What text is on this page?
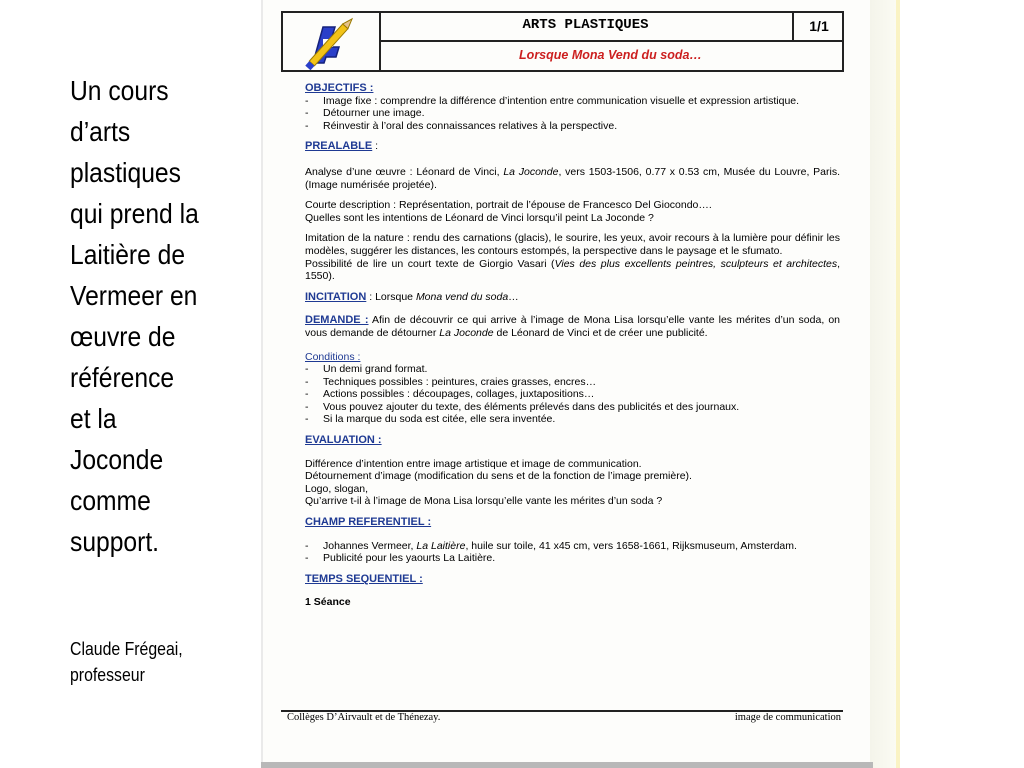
Un cours
d’arts
plastiques
qui prend la
Laitière de
Vermeer en
œuvre de
référence
et la
Joconde
comme
support.
Claude Frégeai,
professeur
ARTS PLASTIQUES	1/1
Lorsque Mona Vend du soda…

OBJECTIFS :

- Image fixe : comprendre la différence d’intention entre communication visuelle et expression artistique.
- Détourner une image.
- Réinvestir à l’oral des connaissances relatives à la perspective.

PREALABLE :

Analyse d’une œuvre : Léonard de Vinci, La Joconde, vers 1503-1506, 0.77 x 0.53 cm, Musée du Louvre, Paris. (Image numérisée projetée).

Courte description : Représentation, portrait de l’épouse de Francesco Del Giocondo….

Quelles sont les intentions de Léonard de Vinci lorsqu’il peint La Joconde ?

Imitation de la nature : rendu des carnations (glacis), le sourire, les yeux, avoir recours à la lumière pour définir les modèles, suggérer les distances, les contours estompés, la perspective dans le paysage et le sfumato.

Possibilité de lire un court texte de Giorgio Vasari (Vies des plus excellents peintres, sculpteurs et architectes, 1550).

INCITATION : Lorsque Mona vend du soda…

DEMANDE : Afin de découvrir ce qui arrive à l’image de Mona Lisa lorsqu’elle vante les mérites d’un soda, on vous demande de détourner La Joconde de Léonard de Vinci et de créer une publicité.

Conditions :

- Un demi grand format.
- Techniques possibles : peintures, craies grasses, encres…
- Actions possibles : découpages, collages, juxtapositions…
- Vous pouvez ajouter du texte, des éléments prélevés dans des publicités et des journaux.
- Si la marque du soda est citée, elle sera inventée.

EVALUATION :

Différence d’intention entre image artistique et image de communication.

Détournement d’image (modification du sens et de la fonction de l’image première).

Logo, slogan,

Qu’arrive t-il à l’image de Mona Lisa lorsqu’elle vante les mérites d’un soda ?

CHAMP REFERENTIEL :

- Johannes Vermeer, La Laitière, huile sur toile, 41 x45 cm, vers 1658-1661, Rijksmuseum, Amsterdam.
- Publicité pour les yaourts La Laitière.

TEMPS SEQUENTIEL :

1 Séance

Collèges D’Airvault et de Thénezay.	image de communication
